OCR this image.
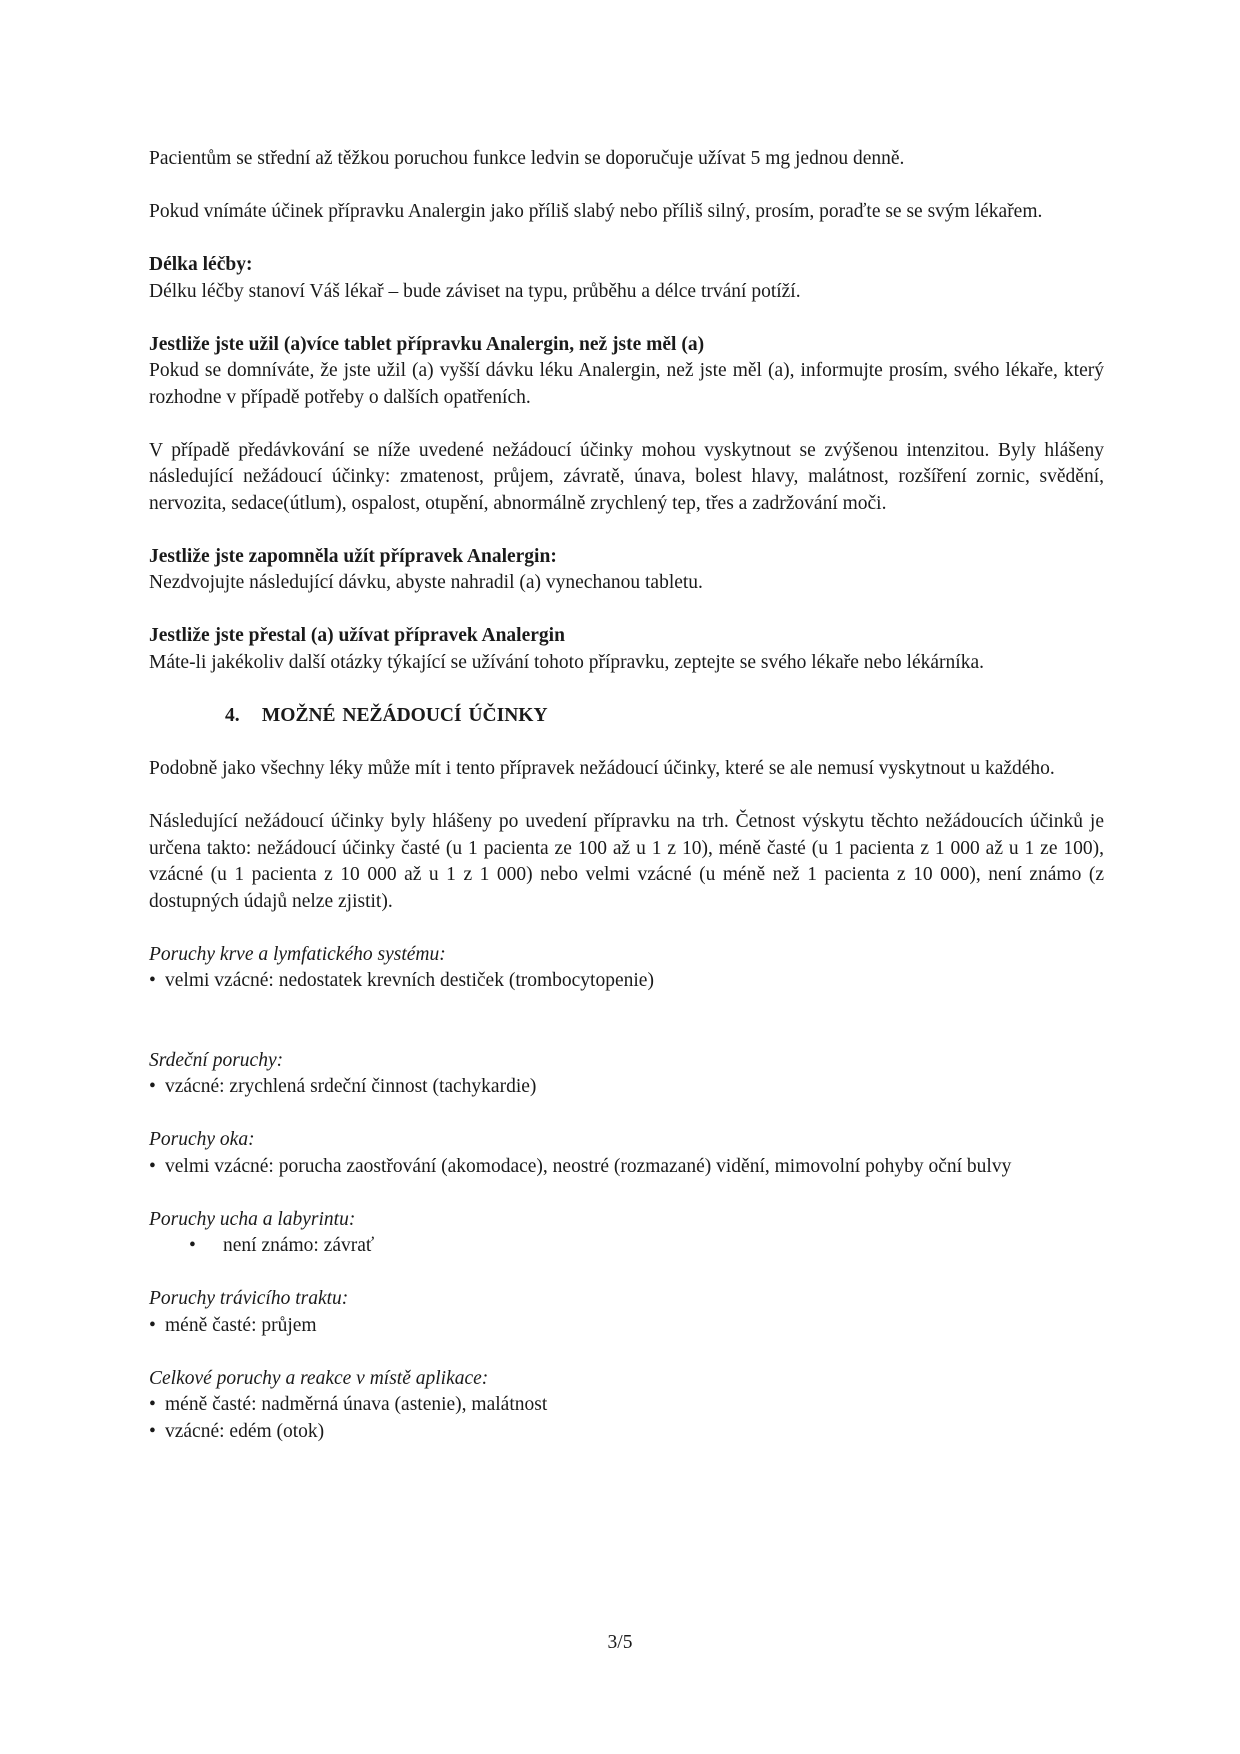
Pacientům se střední až těžkou poruchou funkce ledvin se doporučuje užívat 5 mg jednou denně.

Pokud vnímáte účinek přípravku Analergin jako příliš slabý nebo příliš silný, prosím, poraďte se se svým lékařem.

Délka léčby:

Délku léčby stanoví Váš lékař – bude záviset na typu, průběhu a délce trvání potíží.

Jestliže jste užil (a)více tablet přípravku Analergin, než jste měl (a)

Pokud se domníváte, že jste užil (a) vyšší dávku léku Analergin, než jste měl (a), informujte prosím, svého lékaře, který rozhodne v případě potřeby o dalších opatřeních.

V případě předávkování se níže uvedené nežádoucí účinky mohou vyskytnout se zvýšenou intenzitou. Byly hlášeny následující nežádoucí účinky: zmatenost, průjem, závratě, únava, bolest hlavy, malátnost, rozšíření zornic, svědění, nervozita, sedace(útlum), ospalost, otupění, abnormálně zrychlený tep, třes a zadržování moči.

Jestliže jste zapomněla užít přípravek Analergin:

Nezdvojujte následující dávku, abyste nahradil (a) vynechanou tabletu.

Jestliže jste přestal (a) užívat přípravek Analergin

Máte-li jakékoliv další otázky týkající se užívání tohoto přípravku, zeptejte se svého lékaře nebo lékárníka.

4. MOŽNÉ NEŽÁDOUCÍ ÚČINKY

Podobně jako všechny léky může mít i tento přípravek nežádoucí účinky, které se ale nemusí vyskytnout u každého.

Následující nežádoucí účinky byly hlášeny po uvedení přípravku na trh. Četnost výskytu těchto nežádoucích účinků je určena takto: nežádoucí účinky časté (u 1 pacienta ze 100 až u 1 z 10), méně časté (u 1 pacienta z 1 000 až u 1 ze 100), vzácné (u 1 pacienta z 10 000 až u 1 z 1 000) nebo velmi vzácné (u méně než 1 pacienta z 10 000), není známo (z dostupných údajů nelze zjistit).

Poruchy krve a lymfatického systému:

• velmi vzácné: nedostatek krevních destiček (trombocytopenie)

Srdeční poruchy:

• vzácné: zrychlená srdeční činnost (tachykardie)

Poruchy oka:

• velmi vzácné: porucha zaostřování (akomodace), neostré (rozmazané) vidění, mimovolní pohyby oční bulvy

Poruchy ucha a labyrintu:

• není známo: závrať

Poruchy trávicího traktu:

• méně časté: průjem

Celkové poruchy a reakce v místě aplikace:

• méně časté: nadměrná únava (astenie), malátnost

• vzácné: edém (otok)

3/5
